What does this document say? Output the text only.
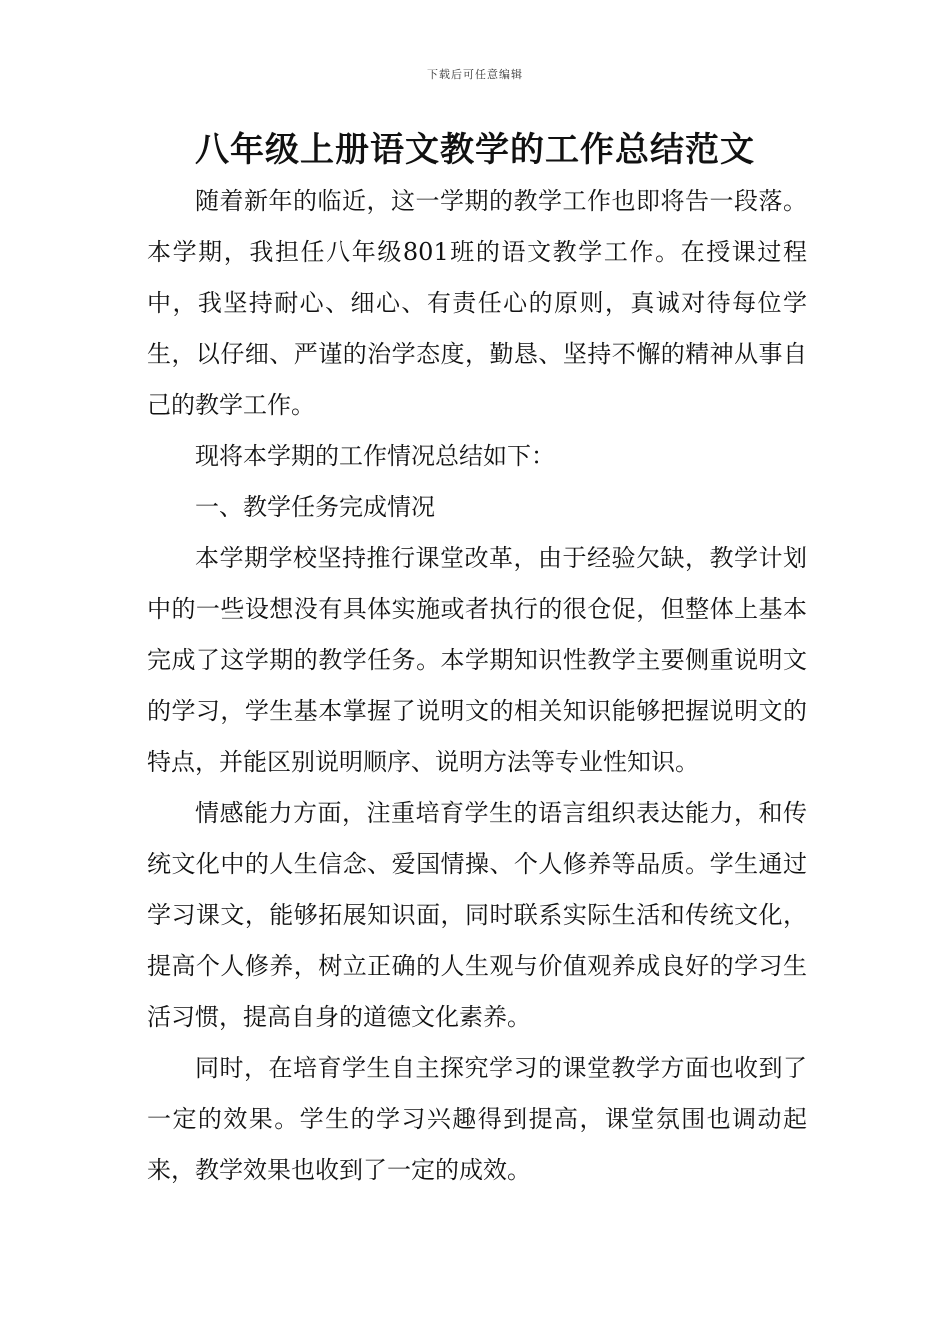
下载后可任意编辑
八年级上册语文教学的工作总结范文

随着新年的临近，这一学期的教学工作也即将告一段落。本学期，我担任八年级801班的语文教学工作。在授课过程中，我坚持耐心、细心、有责任心的原则，真诚对待每位学生，以仔细、严谨的治学态度，勤恳、坚持不懈的精神从事自己的教学工作。

现将本学期的工作情况总结如下：

一、教学任务完成情况

本学期学校坚持推行课堂改革，由于经验欠缺，教学计划中的一些设想没有具体实施或者执行的很仓促，但整体上基本完成了这学期的教学任务。本学期知识性教学主要侧重说明文的学习，学生基本掌握了说明文的相关知识能够把握说明文的特点，并能区别说明顺序、说明方法等专业性知识。

情感能力方面，注重培育学生的语言组织表达能力，和传统文化中的人生信念、爱国情操、个人修养等品质。学生通过学习课文，能够拓展知识面，同时联系实际生活和传统文化，提高个人修养，树立正确的人生观与价值观养成良好的学习生活习惯，提高自身的道德文化素养。

同时，在培育学生自主探究学习的课堂教学方面也收到了一定的效果。学生的学习兴趣得到提高，课堂氛围也调动起来，教学效果也收到了一定的成效。
